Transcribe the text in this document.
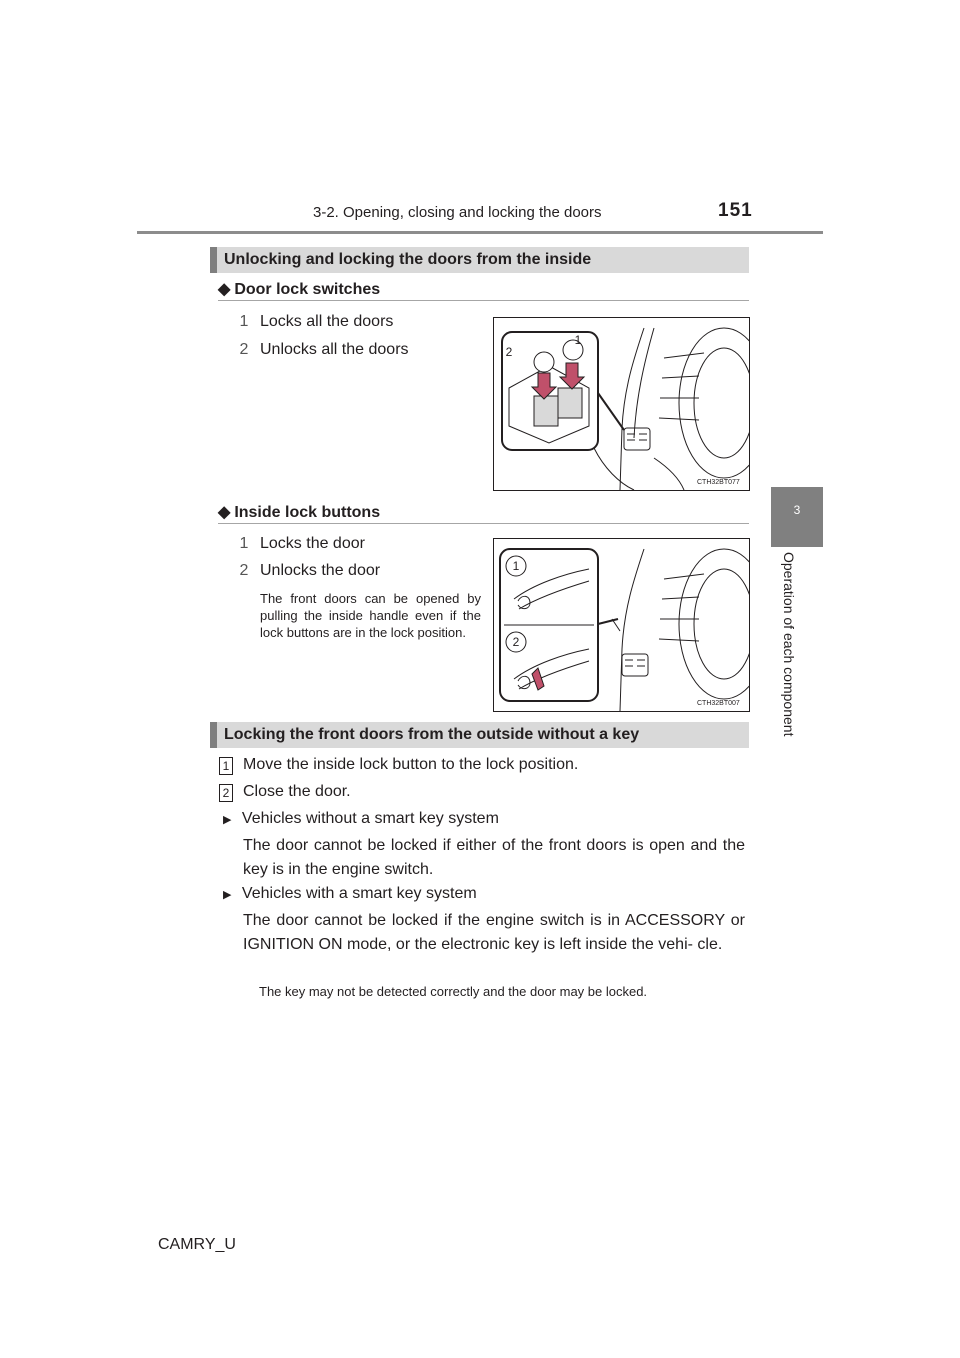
3-2. Opening, closing and locking the doors	151
3
Operation of each component
Unlocking and locking the doors from the inside
◆ Door lock switches
1 Locks all the doors
2 Unlocks all the doors	2
1
CTH32BT077
◆ Inside lock buttons
1 Locks the door
2 Unlocks the door
The front doors can be opened by pulling the inside handle even if the lock buttons are in the lock position.
1
2
CTH32BT007
Locking the front doors from the outside without a key
1 Move the inside lock button to the lock position.
2 Close the door.
▶ Vehicles without a smart key system
The door cannot be locked if either of the front doors is open and the key is in the engine switch.
▶ Vehicles with a smart key system
The door cannot be locked if the engine switch is in ACCESSORY or IGNITION ON mode, or the electronic key is left inside the vehi- cle.
The key may not be detected correctly and the door may be locked.
CAMRY_U
